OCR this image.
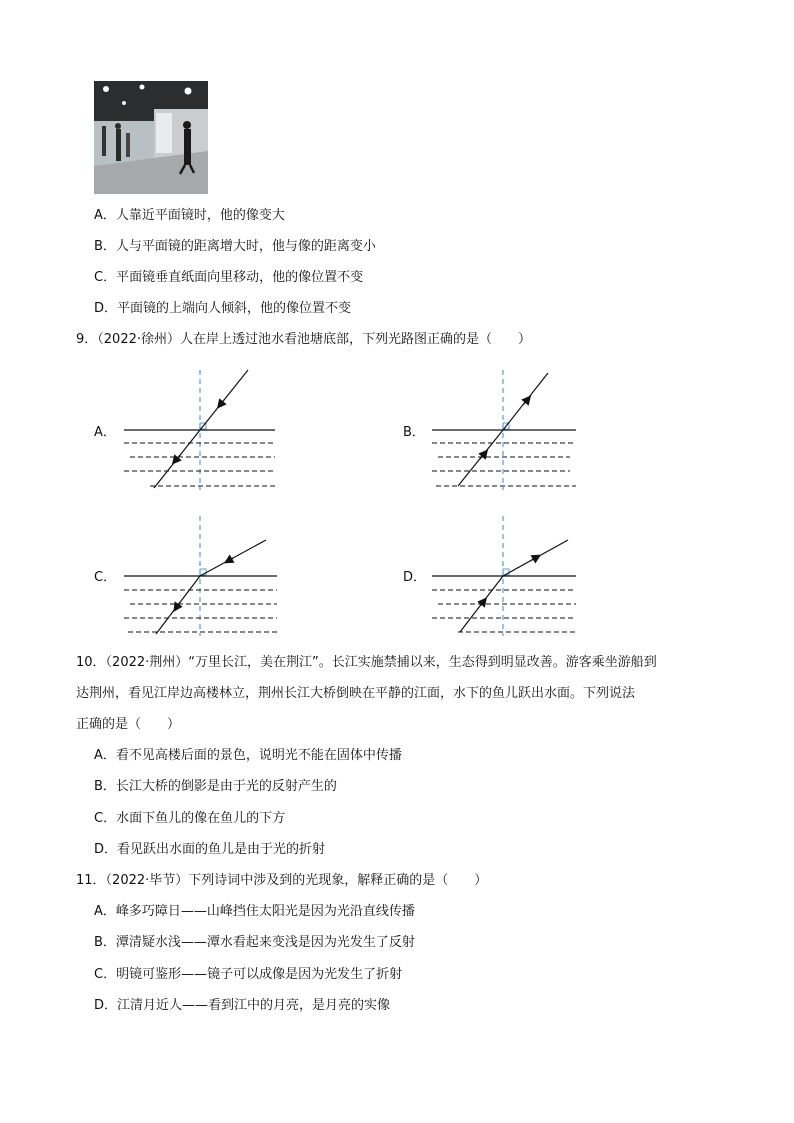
A．人靠近平面镜时，他的像变大
B．人与平面镜的距离增大时，他与像的距离变小
C．平面镜垂直纸面向里移动，他的像位置不变
D．平面镜的上端向人倾斜，他的像位置不变
9．（2022·徐州）人在岸上透过池水看池塘底部，下列光路图正确的是（　　）
A．	B．
C．	D．
10．（2022·荆州）“万里长江，美在荆江”。长江实施禁捕以来，生态得到明显改善。游客乘坐游船到
达荆州，看见江岸边高楼林立，荆州长江大桥倒映在平静的江面，水下的鱼儿跃出水面。下列说法
正确的是（　　）
A．看不见高楼后面的景色，说明光不能在固体中传播
B．长江大桥的倒影是由于光的反射产生的
C．水面下鱼儿的像在鱼儿的下方
D．看见跃出水面的鱼儿是由于光的折射
11．（2022·毕节）下列诗词中涉及到的光现象，解释正确的是（　　）
A．峰多巧障日——山峰挡住太阳光是因为光沿直线传播
B．潭清疑水浅——潭水看起来变浅是因为光发生了反射
C．明镜可鉴形——镜子可以成像是因为光发生了折射
D．江清月近人——看到江中的月亮，是月亮的实像
